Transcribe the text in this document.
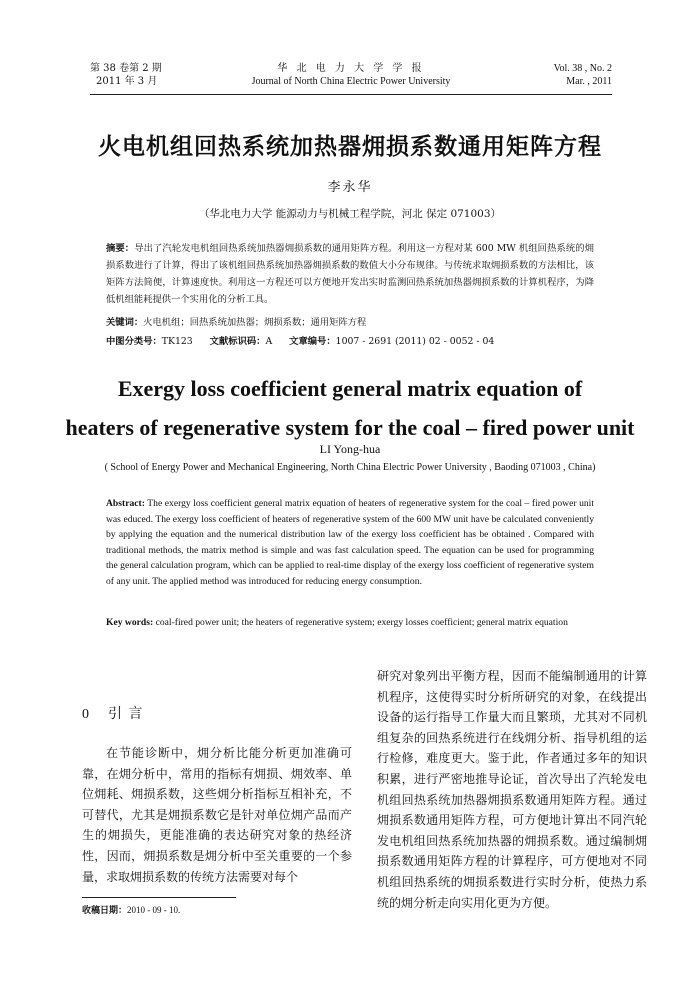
第 38 卷第 2 期
2011 年 3 月
华 北 电 力 大 学 学 报
Journal of North China Electric Power University
Vol. 38 , No. 2
Mar. , 2011
火电机组回热系统加热器㶲损系数通用矩阵方程
李永华
（华北电力大学 能源动力与机械工程学院，河北 保定 071003）
摘要：导出了汽轮发电机组回热系统加热器㶲损系数的通用矩阵方程。利用这一方程对某 600 MW 机组回热系统的㶲损系数进行了计算，得出了该机组回热系统加热器㶲损系数的数值大小分布规律。与传统求取㶲损系数的方法相比，该矩阵方法简便，计算速度快。利用这一方程还可以方便地开发出实时监测回热系统加热器㶲损系数的计算机程序，为降低机组能耗提供一个实用化的分析工具。
关键词：火电机组；回热系统加热器；㶲损系数；通用矩阵方程
中图分类号：TK123 文献标识码：A 文章编号：1007 - 2691 (2011) 02 - 0052 - 04
Exergy loss coefficient general matrix equation of
heaters of regenerative system for the coal – fired power unit
LI Yong-hua
( School of Energy Power and Mechanical Engineering, North China Electric Power University , Baoding 071003 , China)
Abstract: The exergy loss coefficient general matrix equation of heaters of regenerative system for the coal – fired power unit was educed. The exergy loss coefficient of heaters of regenerative system of the 600 MW unit have be calculated conveniently by applying the equation and the numerical distribution law of the exergy loss coefficient has be obtained . Compared with traditional methods, the matrix method is simple and was fast calculation speed. The equation can be used for programming the general calculation program, which can be applied to real-time display of the exergy loss coefficient of regenerative system of any unit. The applied method was introduced for reducing energy consumption.
Key words: coal-fired power unit; the heaters of regenerative system; exergy losses coefficient; general matrix equation
0 引 言

在节能诊断中，㶲分析比能分析更加准确可靠，在㶲分析中，常用的指标有㶲损、㶲效率、单位㶲耗、㶲损系数，这些㶲分析指标互相补充，不可替代，尤其是㶲损系数它是针对单位㶲产品而产生的㶲损失，更能准确的表达研究对象的热经济性，因而，㶲损系数是㶲分析中至关重要的一个参量，求取㶲损系数的传统方法需要对每个

研究对象列出平衡方程，因而不能编制通用的计算机程序，这使得实时分析所研究的对象，在线提出设备的运行指导工作量大而且繁琐，尤其对不同机组复杂的回热系统进行在线㶲分析、指导机组的运行检修，难度更大。鉴于此，作者通过多年的知识积累，进行严密地推导论证，首次导出了汽轮发电机组回热系统加热器㶲损系数通用矩阵方程。通过㶲损系数通用矩阵方程，可方便地计算出不同汽轮发电机组回热系统加热器的㶲损系数。通过编制㶲损系数通用矩阵方程的计算程序，可方便地对不同机组回热系统的㶲损系数进行实时分析，使热力系统的㶲分析走向实用化更为方便。

收稿日期：2010 - 09 - 10.
